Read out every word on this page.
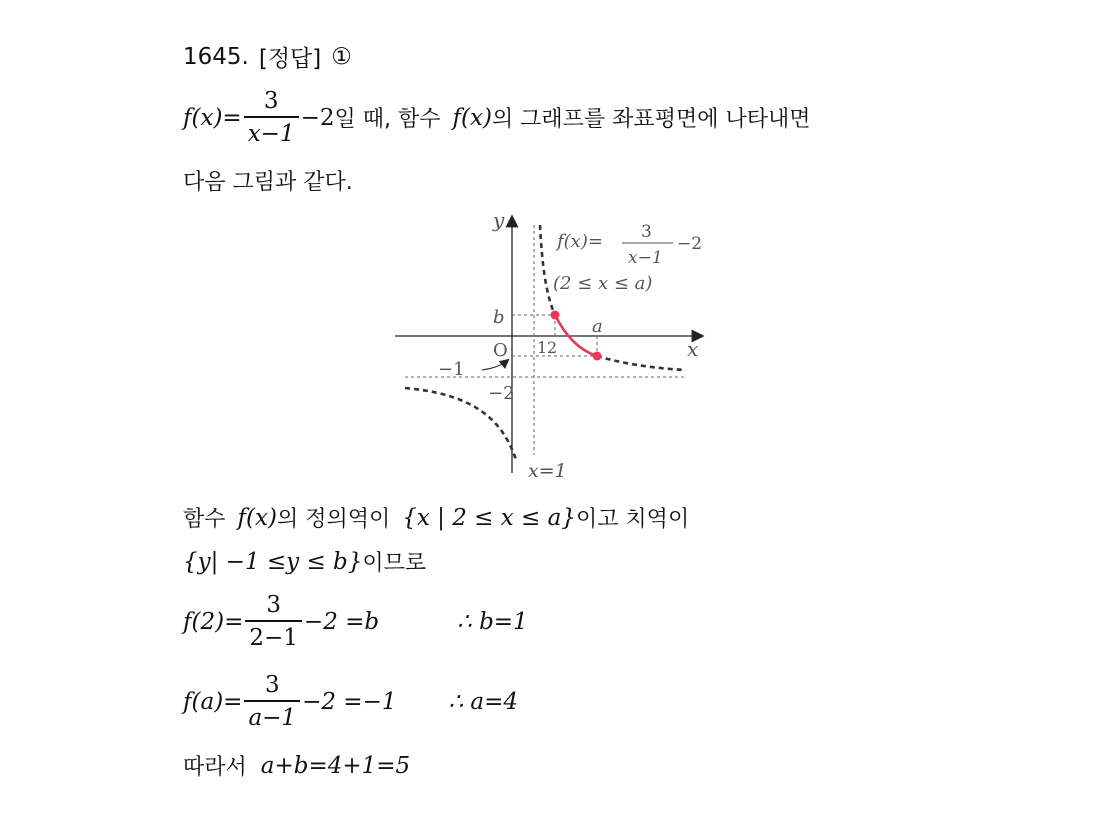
1645. [정답] ①
$f(x)= \frac{3}{x-1} -2$ 일 때, 함수 f(x) 의 그래프를 좌표평면에 나타내면
다음 그림과 같다.
y
x
O 1 2
a
b
−1
−2
x=1
f(x)= 3
x−1
−2
(2 ≤ x ≤ a)
함수 f(x) 의 정의역이 {x | 2 ≤ x ≤ a} 이고 치역이
{y| −1 ≤y ≤ b} 이므로
$f(2)= \frac{3}{2-1} -2 =b$	∴ b=1
$f(a)= \frac{3}{a-1} -2 =-1$ ∴ a=4
따라서 a+b=4+1=5
